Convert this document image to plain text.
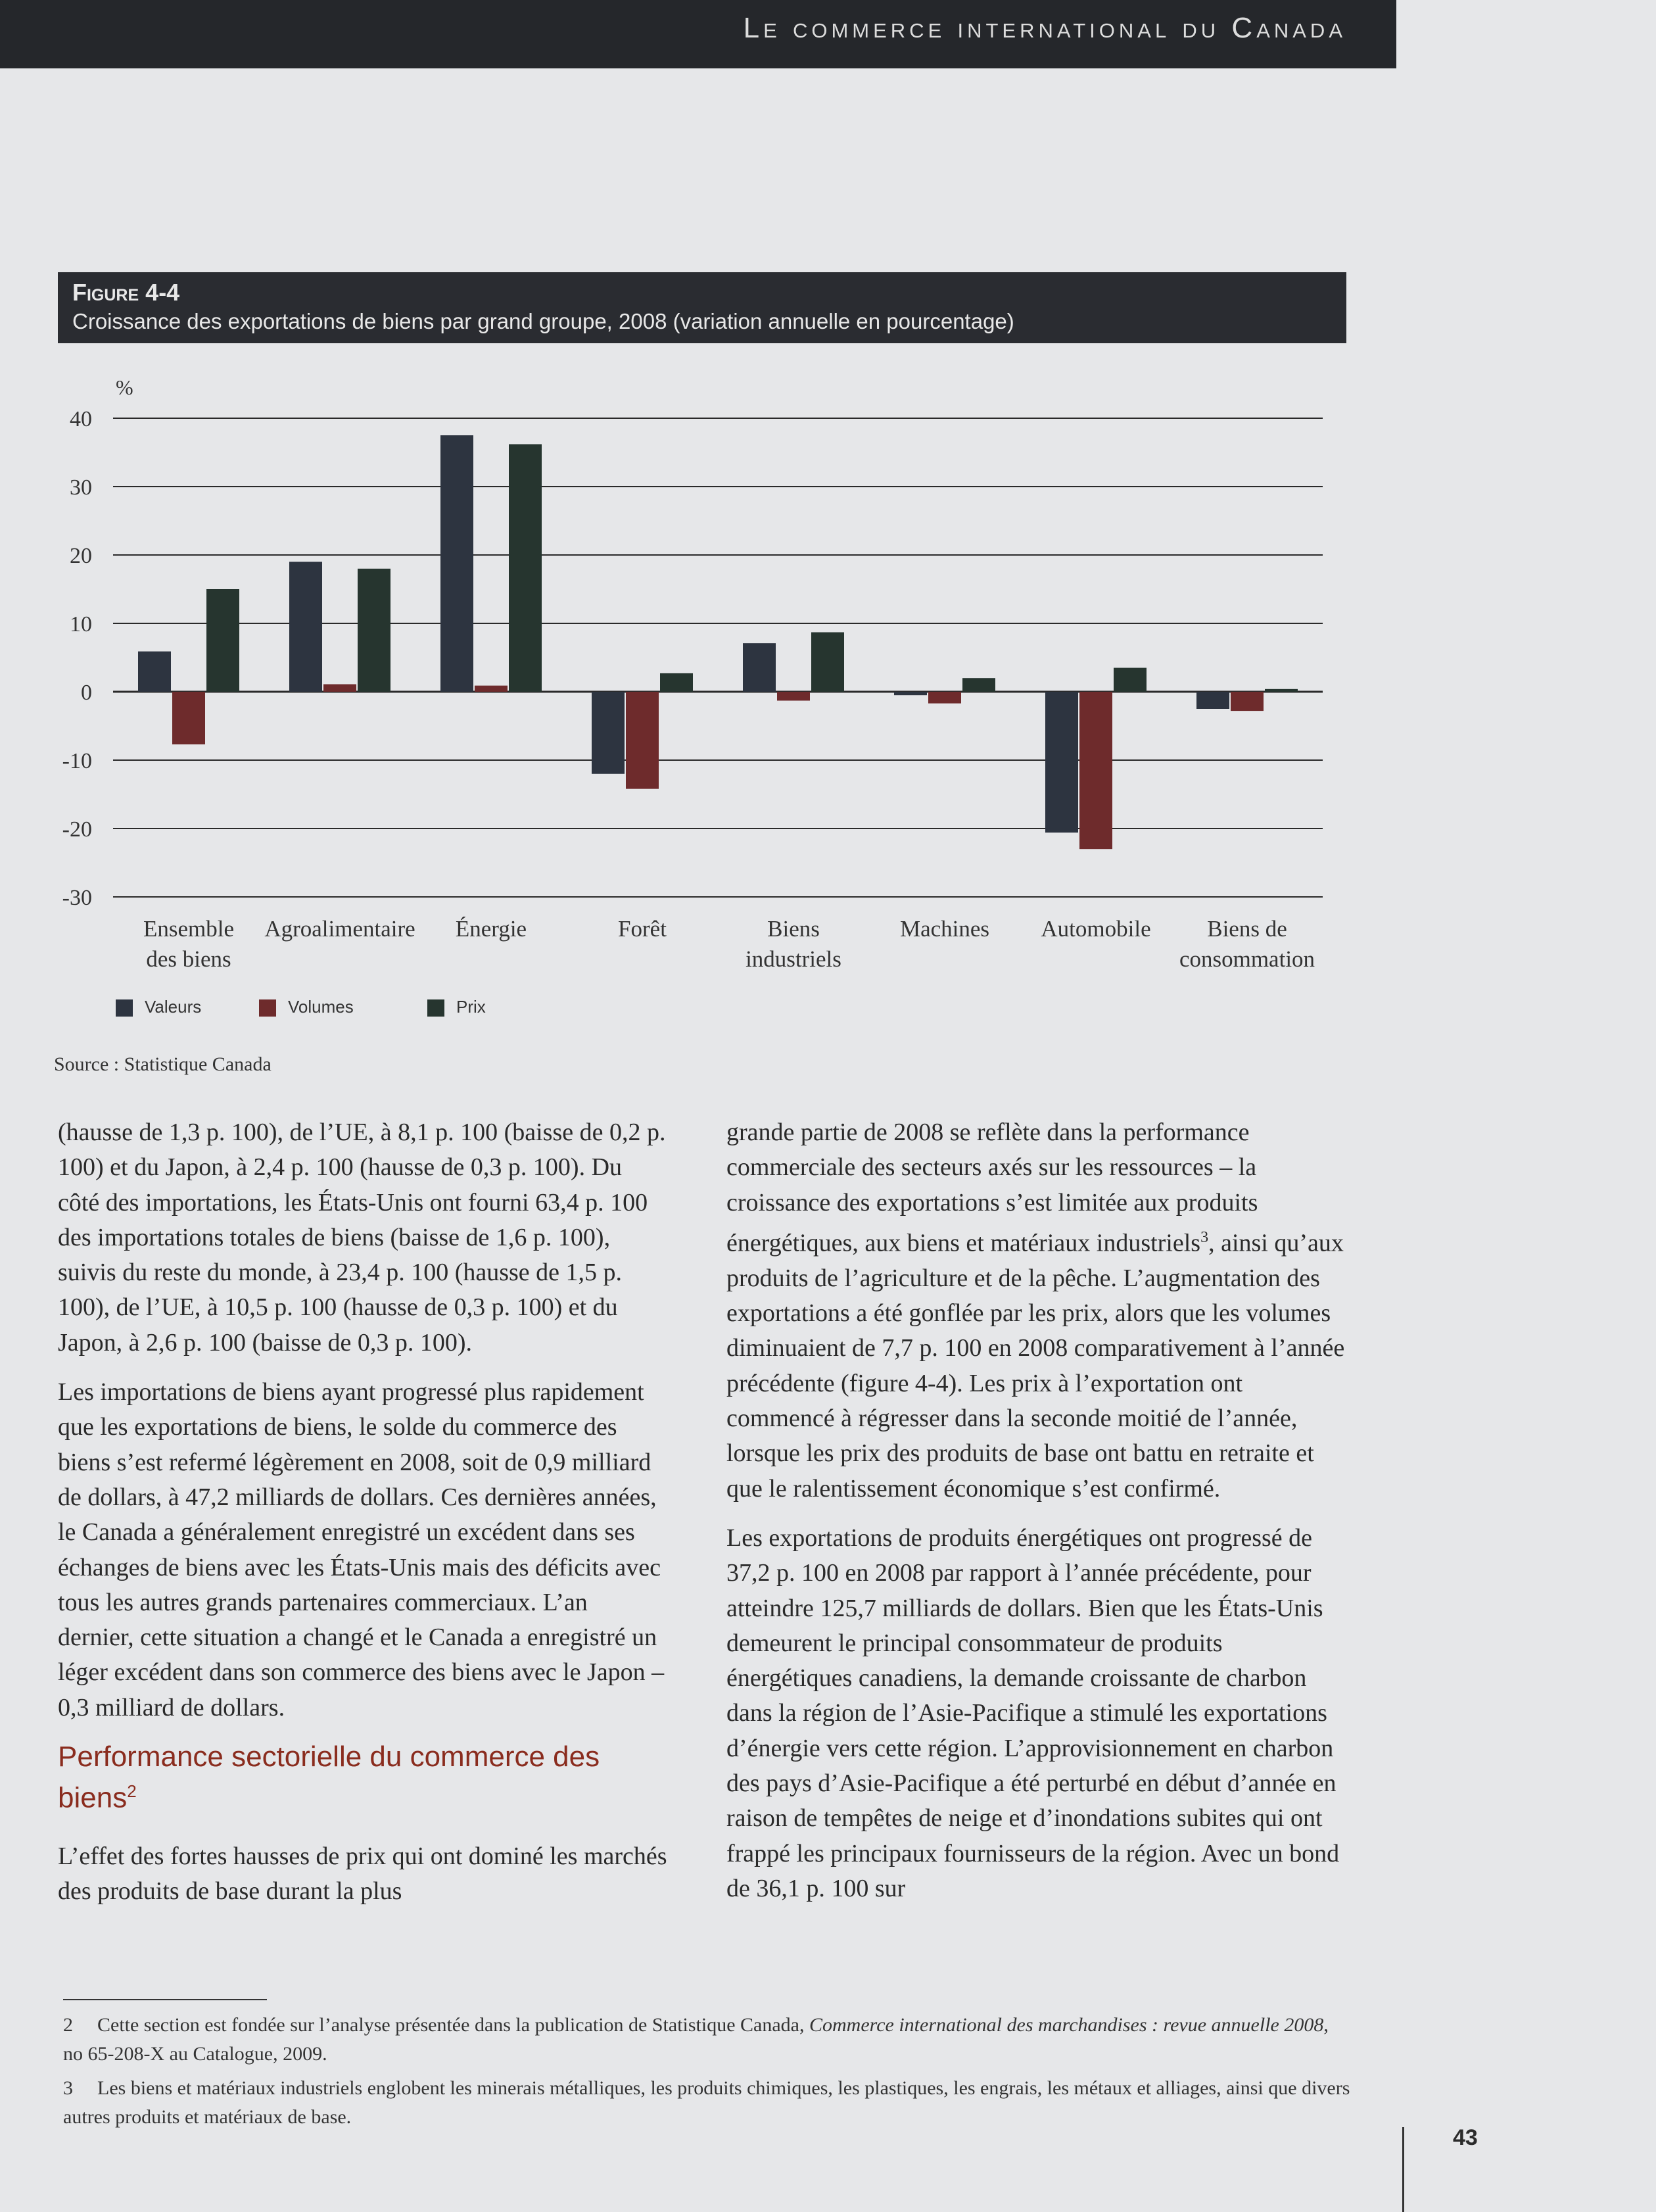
Le commerce international du Canada
Figure 4-4
Croissance des exportations de biens par grand groupe, 2008 (variation annuelle en pourcentage)
40
30
20
10
0
-10
-20
-30
%
Ensemble
des biens
Agroalimentaire Énergie	Forêt	Biens
industriels
Machines Automobile Biens de
consommation
Valeurs	Volumes	Prix
Source : Statistique Canada

(hausse de 1,3 p. 100), de l’UE, à 8,1 p. 100 (baisse de 0,2 p. 100) et du Japon, à 2,4 p. 100 (hausse de 0,3 p. 100). Du côté des importations, les États-Unis ont fourni 63,4 p. 100 des importations totales de biens (baisse de 1,6 p. 100), suivis du reste du monde, à 23,4 p. 100 (hausse de 1,5 p. 100), de l’UE, à 10,5 p. 100 (hausse de 0,3 p. 100) et du Japon, à 2,6 p. 100 (baisse de 0,3 p. 100).

Les importations de biens ayant progressé plus rapidement que les exportations de biens, le solde du commerce des biens s’est refermé légèrement en 2008, soit de 0,9 milliard de dollars, à 47,2 milliards de dollars. Ces dernières années, le Canada a généralement enregistré un excédent dans ses échanges de biens avec les États-Unis mais des déficits avec tous les autres grands partenaires commerciaux. L’an dernier, cette situation a changé et le Canada a enregistré un léger excédent dans son commerce des biens avec le Japon – 0,3 milliard de dollars.

Performance sectorielle du commerce des biens$^2$

L’effet des fortes hausses de prix qui ont dominé les marchés des produits de base durant la plus

grande partie de 2008 se reflète dans la performance commerciale des secteurs axés sur les ressources – la croissance des exportations s’est limitée aux produits énergétiques, aux biens et matériaux industriels$^3$, ainsi qu’aux produits de l’agriculture et de la pêche. L’augmentation des exportations a été gonflée par les prix, alors que les volumes diminuaient de 7,7 p. 100 en 2008 comparativement à l’année précédente (figure 4-4). Les prix à l’exportation ont commencé à régresser dans la seconde moitié de l’année, lorsque les prix des produits de base ont battu en retraite et que le ralentissement économique s’est confirmé.

Les exportations de produits énergétiques ont progressé de 37,2 p. 100 en 2008 par rapport à l’année précédente, pour atteindre 125,7 milliards de dollars. Bien que les États-Unis demeurent le principal consommateur de produits énergétiques canadiens, la demande croissante de charbon dans la région de l’Asie-Pacifique a stimulé les exportations d’énergie vers cette région. L’approvisionnement en charbon des pays d’Asie-Pacifique a été perturbé en début d’année en raison de tempêtes de neige et d’inondations subites qui ont frappé les principaux fournisseurs de la région. Avec un bond de 36,1 p. 100 sur

2 Cette section est fondée sur l’analyse présentée dans la publication de Statistique Canada, Commerce international des marchandises : revue annuelle 2008, no 65-208-X au Catalogue, 2009.
3 Les biens et matériaux industriels englobent les minerais métalliques, les produits chimiques, les plastiques, les engrais, les métaux et alliages, ainsi que divers autres produits et matériaux de base.
43
